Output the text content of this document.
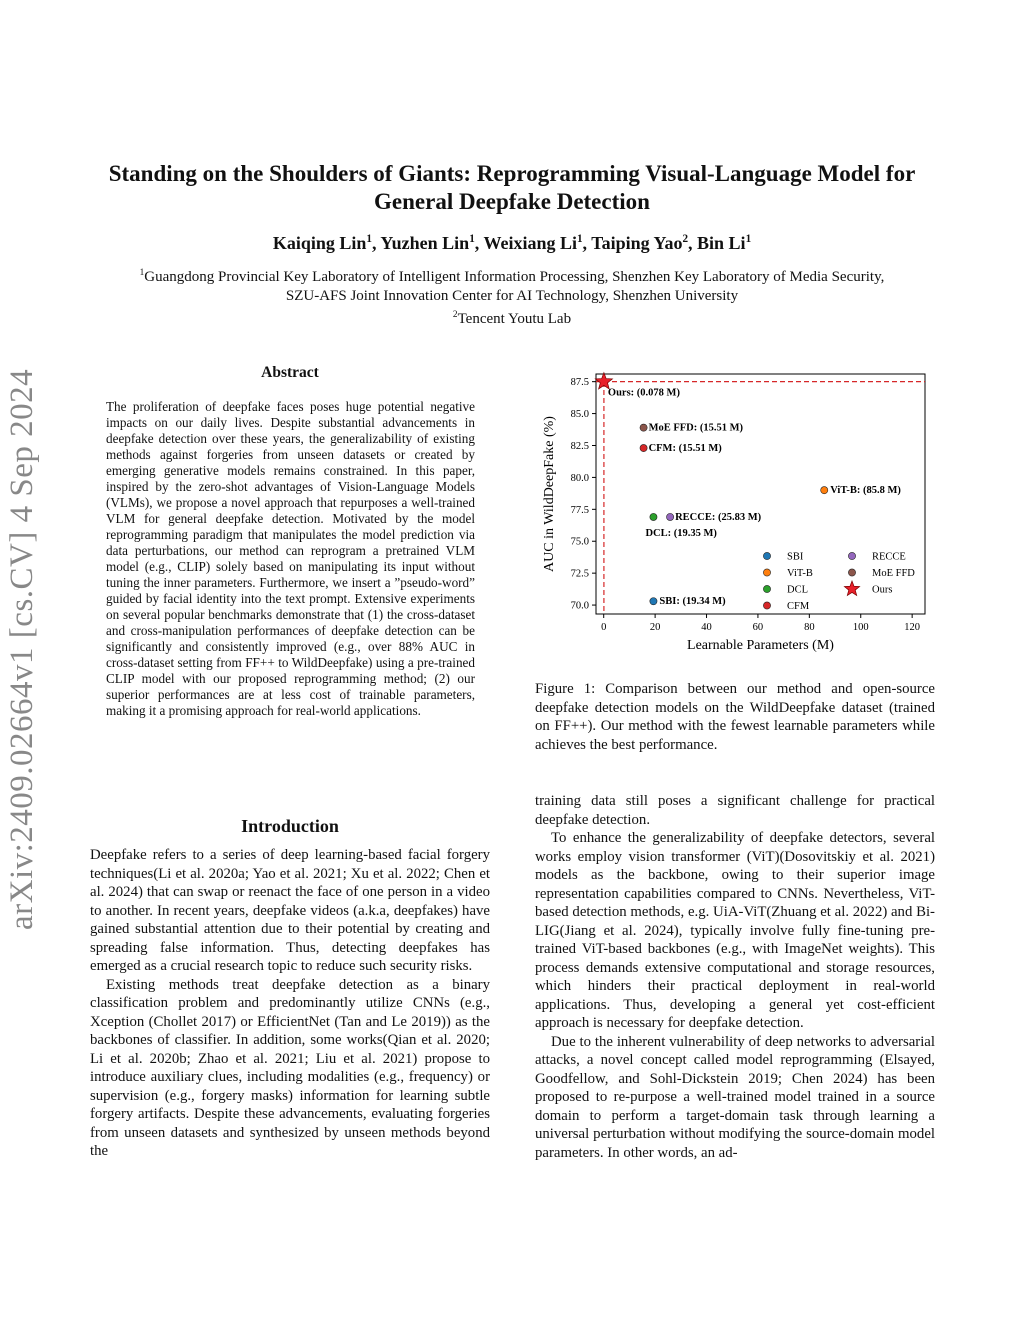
Standing on the Shoulders of Giants: Reprogramming Visual-Language Model for
General Deepfake Detection
Kaiqing Lin$^1$, Yuzhen Lin$^1$, Weixiang Li$^1$, Taiping Yao$^2$, Bin Li$^1$
$^1$Guangdong Provincial Key Laboratory of Intelligent Information Processing, Shenzhen Key Laboratory of Media Security,
SZU-AFS Joint Innovation Center for AI Technology, Shenzhen University
$^2$Tencent Youtu Lab
arXiv:2409.02664v1 [cs.CV] 4 Sep 2024	Abstract
The proliferation of deepfake faces poses huge potential negative impacts on our daily lives. Despite substantial advancements in deepfake detection over these years, the generalizability of existing methods against forgeries from unseen datasets or created by emerging generative models remains constrained. In this paper, inspired by the zero-shot advantages of Vision-Language Models (VLMs), we propose a novel approach that repurposes a well-trained VLM for general deepfake detection. Motivated by the model reprogramming paradigm that manipulates the model prediction via data perturbations, our method can reprogram a pretrained VLM model (e.g., CLIP) solely based on manipulating its input without tuning the inner parameters. Furthermore, we insert a ”pseudo-word” guided by facial identity into the text prompt. Extensive experiments on several popular benchmarks demonstrate that (1) the cross-dataset and cross-manipulation performances of deepfake detection can be significantly and consistently improved (e.g., over 88% AUC in cross-dataset setting from FF++ to WildDeepfake) using a pre-trained CLIP model with our proposed reprogramming method; (2) our superior performances are at less cost of trainable parameters, making it a promising approach for real-world applications.
Introduction

Deepfake refers to a series of deep learning-based facial forgery techniques(Li et al. 2020a; Yao et al. 2021; Xu et al. 2022; Chen et al. 2024) that can swap or reenact the face of one person in a video to another. In recent years, deepfake videos (a.k.a, deepfakes) have gained substantial attention due to their potential by creating and spreading false information. Thus, detecting deepfakes has emerged as a crucial research topic to reduce such security risks.

Existing methods treat deepfake detection as a binary classification problem and predominantly utilize CNNs (e.g., Xception (Chollet 2017) or EfficientNet (Tan and Le 2019)) as the backbones of classifier. In addition, some works(Qian et al. 2020; Li et al. 2020b; Zhao et al. 2021; Liu et al. 2021) propose to introduce auxiliary clues, including modalities (e.g., frequency) or supervision (e.g., forgery masks) information for learning subtle forgery artifacts. Despite these advancements, evaluating forgeries from unseen datasets and synthesized by unseen methods beyond the

0	20	40	60	80	100	120
70.0
72.5
75.0
77.5
80.0
82.5
85.0
87.5
Learnable Parameters (M)
AUC in WildDeepFake (%)
SBI: (19.34 M)
ViT-B: (85.8 M)
DCL: (19.35 M)
CFM: (15.51 M)
RECCE: (25.83 M)
MoE FFD: (15.51 M)
Ours: (0.078 M)
SBI
ViT-B
DCL
CFM
RECCE
MoE FFD
Ours
Figure 1: Comparison between our method and open-source deepfake detection models on the WildDeepfake dataset (trained on FF++). Our method with the fewest learnable parameters while achieves the best performance.

training data still poses a significant challenge for practical deepfake detection.

To enhance the generalizability of deepfake detectors, several works employ vision transformer (ViT)(Dosovitskiy et al. 2021) models as the backbone, owing to their superior image representation capabilities compared to CNNs. Nevertheless, ViT-based detection methods, e.g. UiA-ViT(Zhuang et al. 2022) and Bi-LIG(Jiang et al. 2024), typically involve fully fine-tuning pre-trained ViT-based backbones (e.g., with ImageNet weights). This process demands extensive computational and storage resources, which hinders their practical deployment in real-world applications. Thus, developing a general yet cost-efficient approach is necessary for deepfake detection.

Due to the inherent vulnerability of deep networks to adversarial attacks, a novel concept called model reprogramming (Elsayed, Goodfellow, and Sohl-Dickstein 2019; Chen 2024) has been proposed to re-purpose a well-trained model trained in a source domain to perform a target-domain task through learning a universal perturbation without modifying the source-domain model parameters. In other words, an ad-
